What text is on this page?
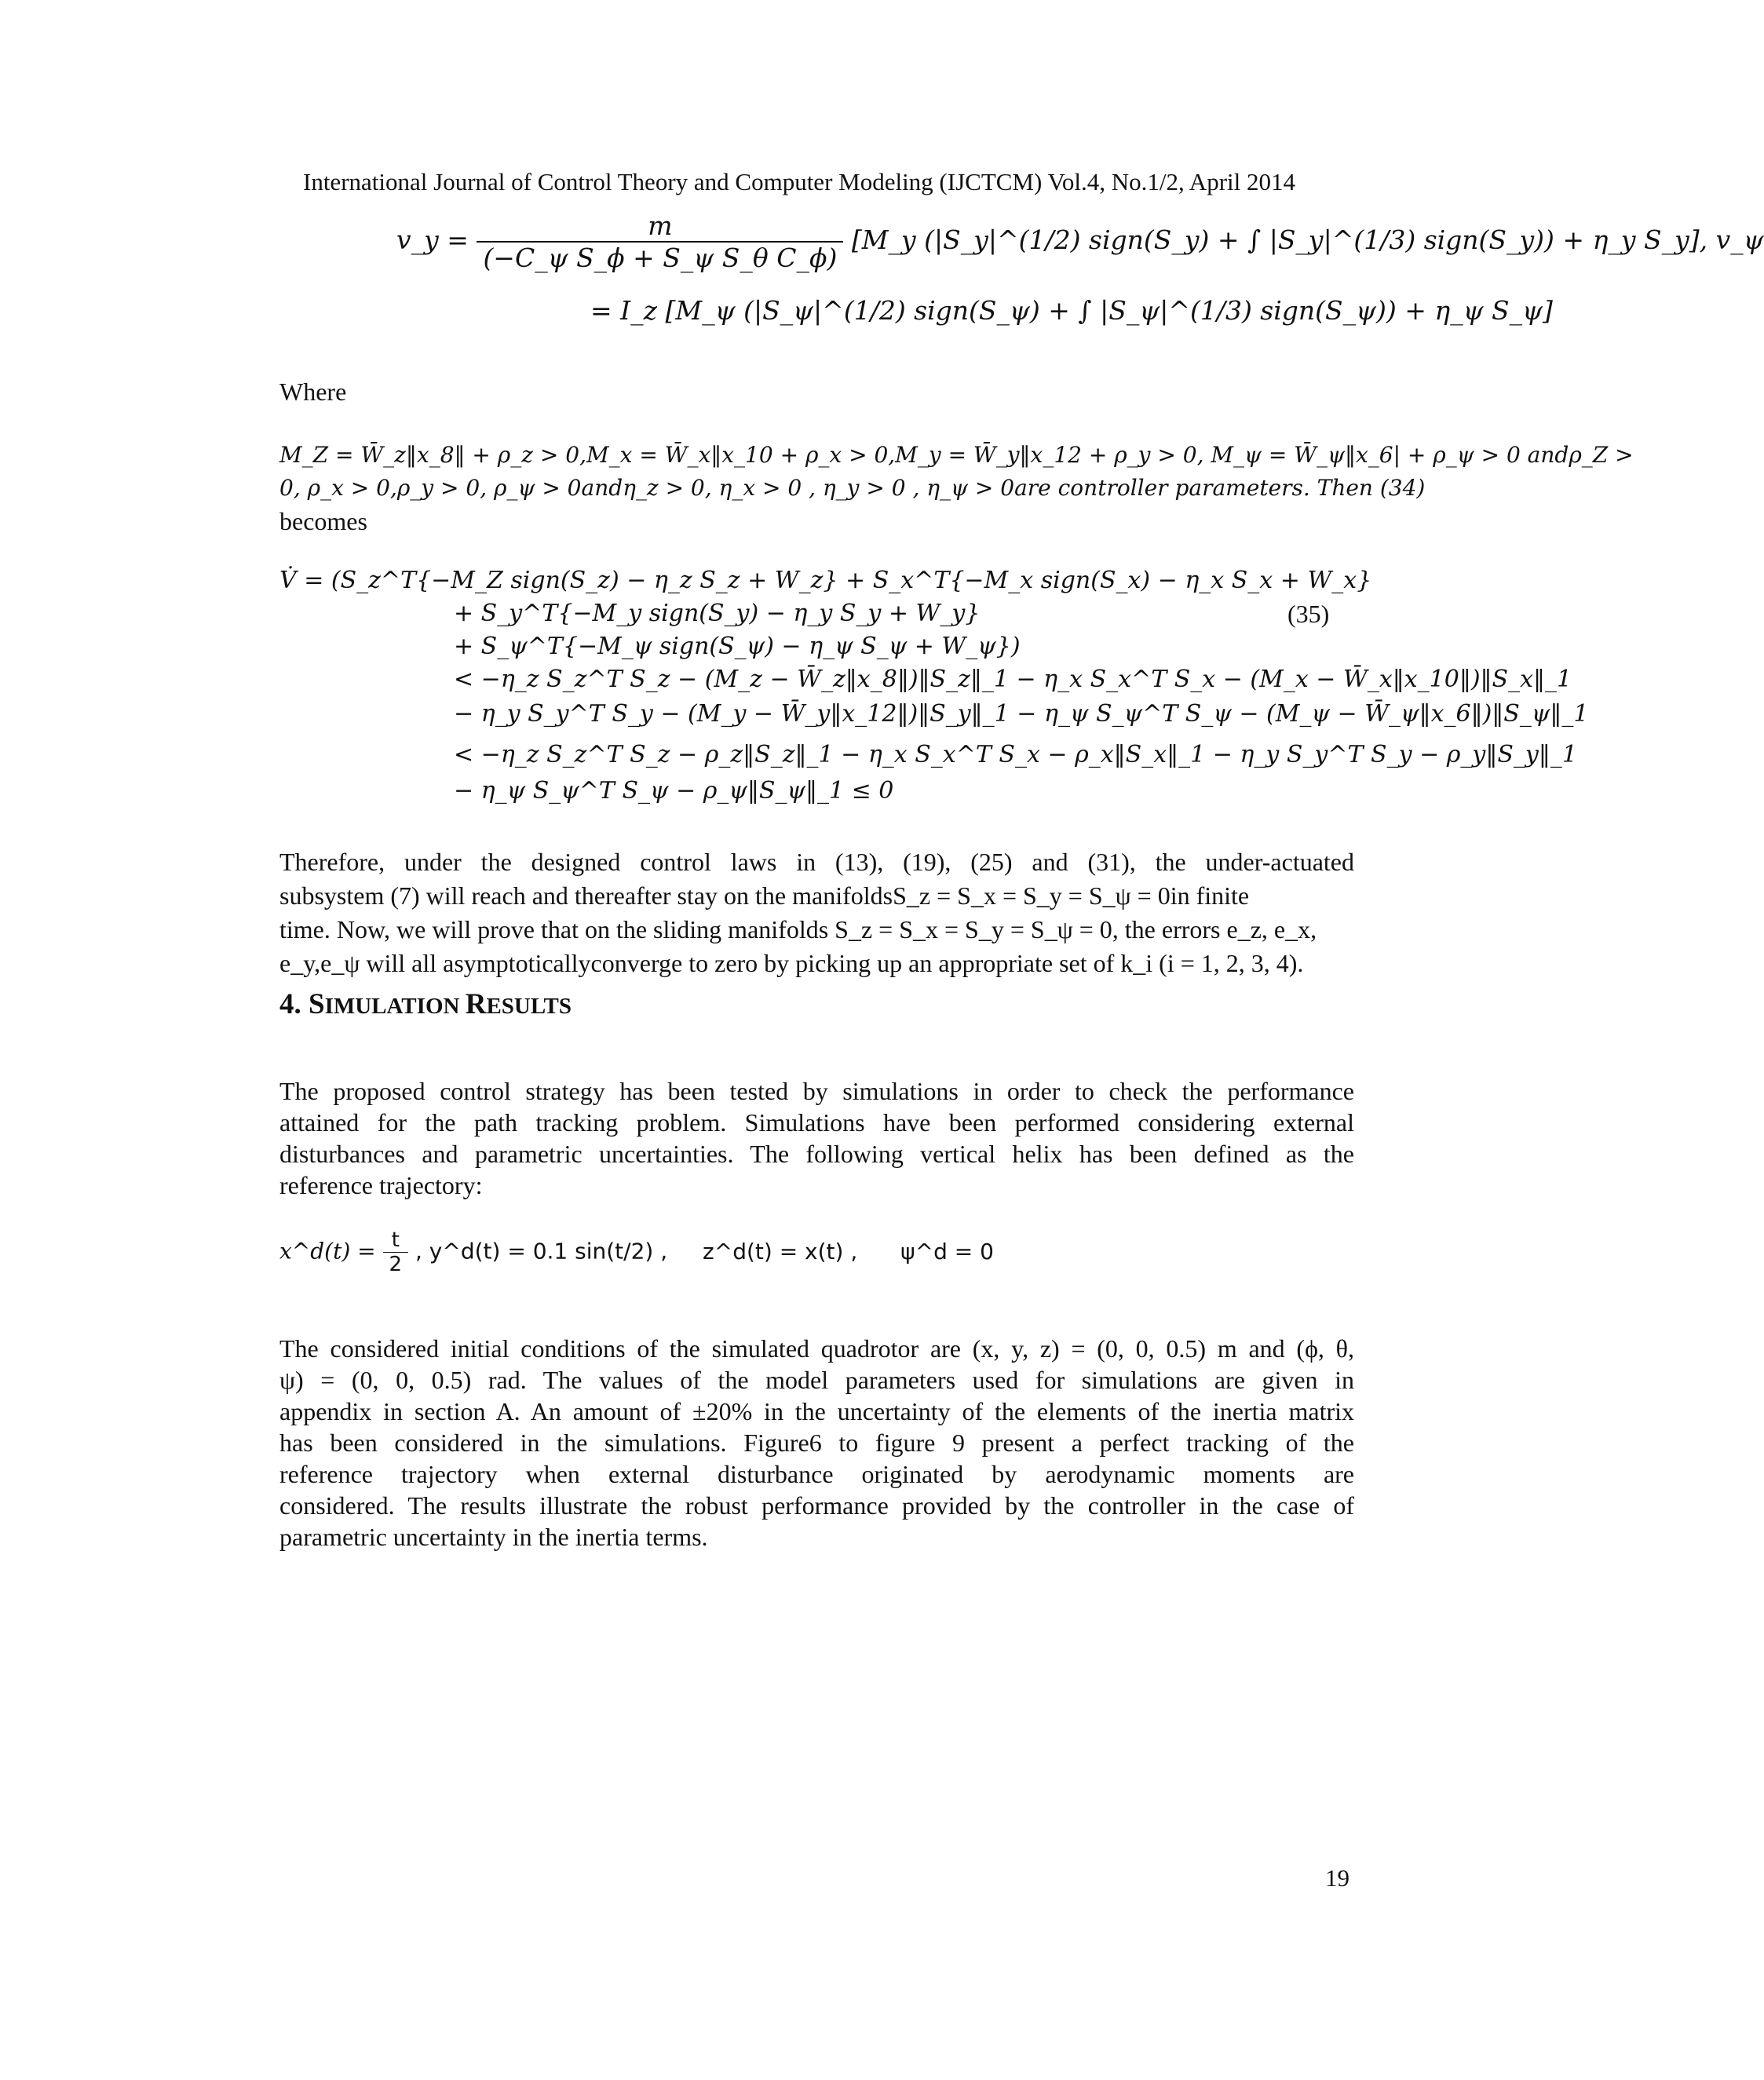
International Journal of Control Theory and Computer Modeling (IJCTCM) Vol.4, No.1/2, April 2014
v_y = $\frac{m}{\text{(−C\_ψ S\_ϕ + S\_ψ S\_θ C\_ϕ)}}$ [M_y (|S_y|^(1/2) sign(S_y) + ∫ |S_y|^(1/3) sign(S_y)) + η_y S_y], v_ψ
= I_z [M_ψ (|S_ψ|^(1/2) sign(S_ψ) + ∫ |S_ψ|^(1/3) sign(S_ψ)) + η_ψ S_ψ]
Where
M_Z = W̄_z‖x_8‖ + ρ_z > 0,M_x = W̄_x‖x_10 + ρ_x > 0,M_y = W̄_y‖x_12 + ρ_y > 0, M_ψ = W̄_ψ‖x_6| + ρ_ψ > 0 andρ_Z >
0, ρ_x > 0,ρ_y > 0, ρ_ψ > 0andη_z > 0, η_x > 0 , η_y > 0 , η_ψ > 0are controller parameters. Then (34)
becomes
V̇ = (S_z^T{−M_Z sign(S_z) − η_z S_z + W_z} + S_x^T{−M_x sign(S_x) − η_x S_x + W_x}
+ S_y^T{−M_y sign(S_y) − η_y S_y + W_y}	(35)
+ S_ψ^T{−M_ψ sign(S_ψ) − η_ψ S_ψ + W_ψ})
< −η_z S_z^T S_z − (M_z − W̄_z‖x_8‖)‖S_z‖_1 − η_x S_x^T S_x − (M_x − W̄_x‖x_10‖)‖S_x‖_1
− η_y S_y^T S_y − (M_y − W̄_y‖x_12‖)‖S_y‖_1 − η_ψ S_ψ^T S_ψ − (M_ψ − W̄_ψ‖x_6‖)‖S_ψ‖_1
< −η_z S_z^T S_z − ρ_z‖S_z‖_1 − η_x S_x^T S_x − ρ_x‖S_x‖_1 − η_y S_y^T S_y − ρ_y‖S_y‖_1
− η_ψ S_ψ^T S_ψ − ρ_ψ‖S_ψ‖_1 ≤ 0
Therefore, under the designed control laws in (13), (19), (25) and (31), the under-actuated
subsystem (7) will reach and thereafter stay on the manifoldsS_z = S_x = S_y = S_ψ = 0in finite
time. Now, we will prove that on the sliding manifolds S_z = S_x = S_y = S_ψ = 0, the errors e_z, e_x,
e_y,e_ψ will all asymptoticallyconverge to zero by picking up an appropriate set of k_i (i = 1, 2, 3, 4).
4. SIMULATION RESULTS
The proposed control strategy has been tested by simulations in order to check the performance
attained for the path tracking problem. Simulations have been performed considering external
disturbances and parametric uncertainties. The following vertical helix has been defined as the
reference trajectory:
x^d(t) = $\frac{t}{2}$ , y^d(t) = 0.1 sin(t/2) , z^d(t) = x(t) , ψ^d = 0
The considered initial conditions of the simulated quadrotor are (x, y, z) = (0, 0, 0.5) m and (ϕ, θ,
ψ) = (0, 0, 0.5) rad. The values of the model parameters used for simulations are given in
appendix in section A. An amount of ±20% in the uncertainty of the elements of the inertia matrix
has been considered in the simulations. Figure6 to figure 9 present a perfect tracking of the
reference trajectory when external disturbance originated by aerodynamic moments are
considered. The results illustrate the robust performance provided by the controller in the case of
parametric uncertainty in the inertia terms.
19
